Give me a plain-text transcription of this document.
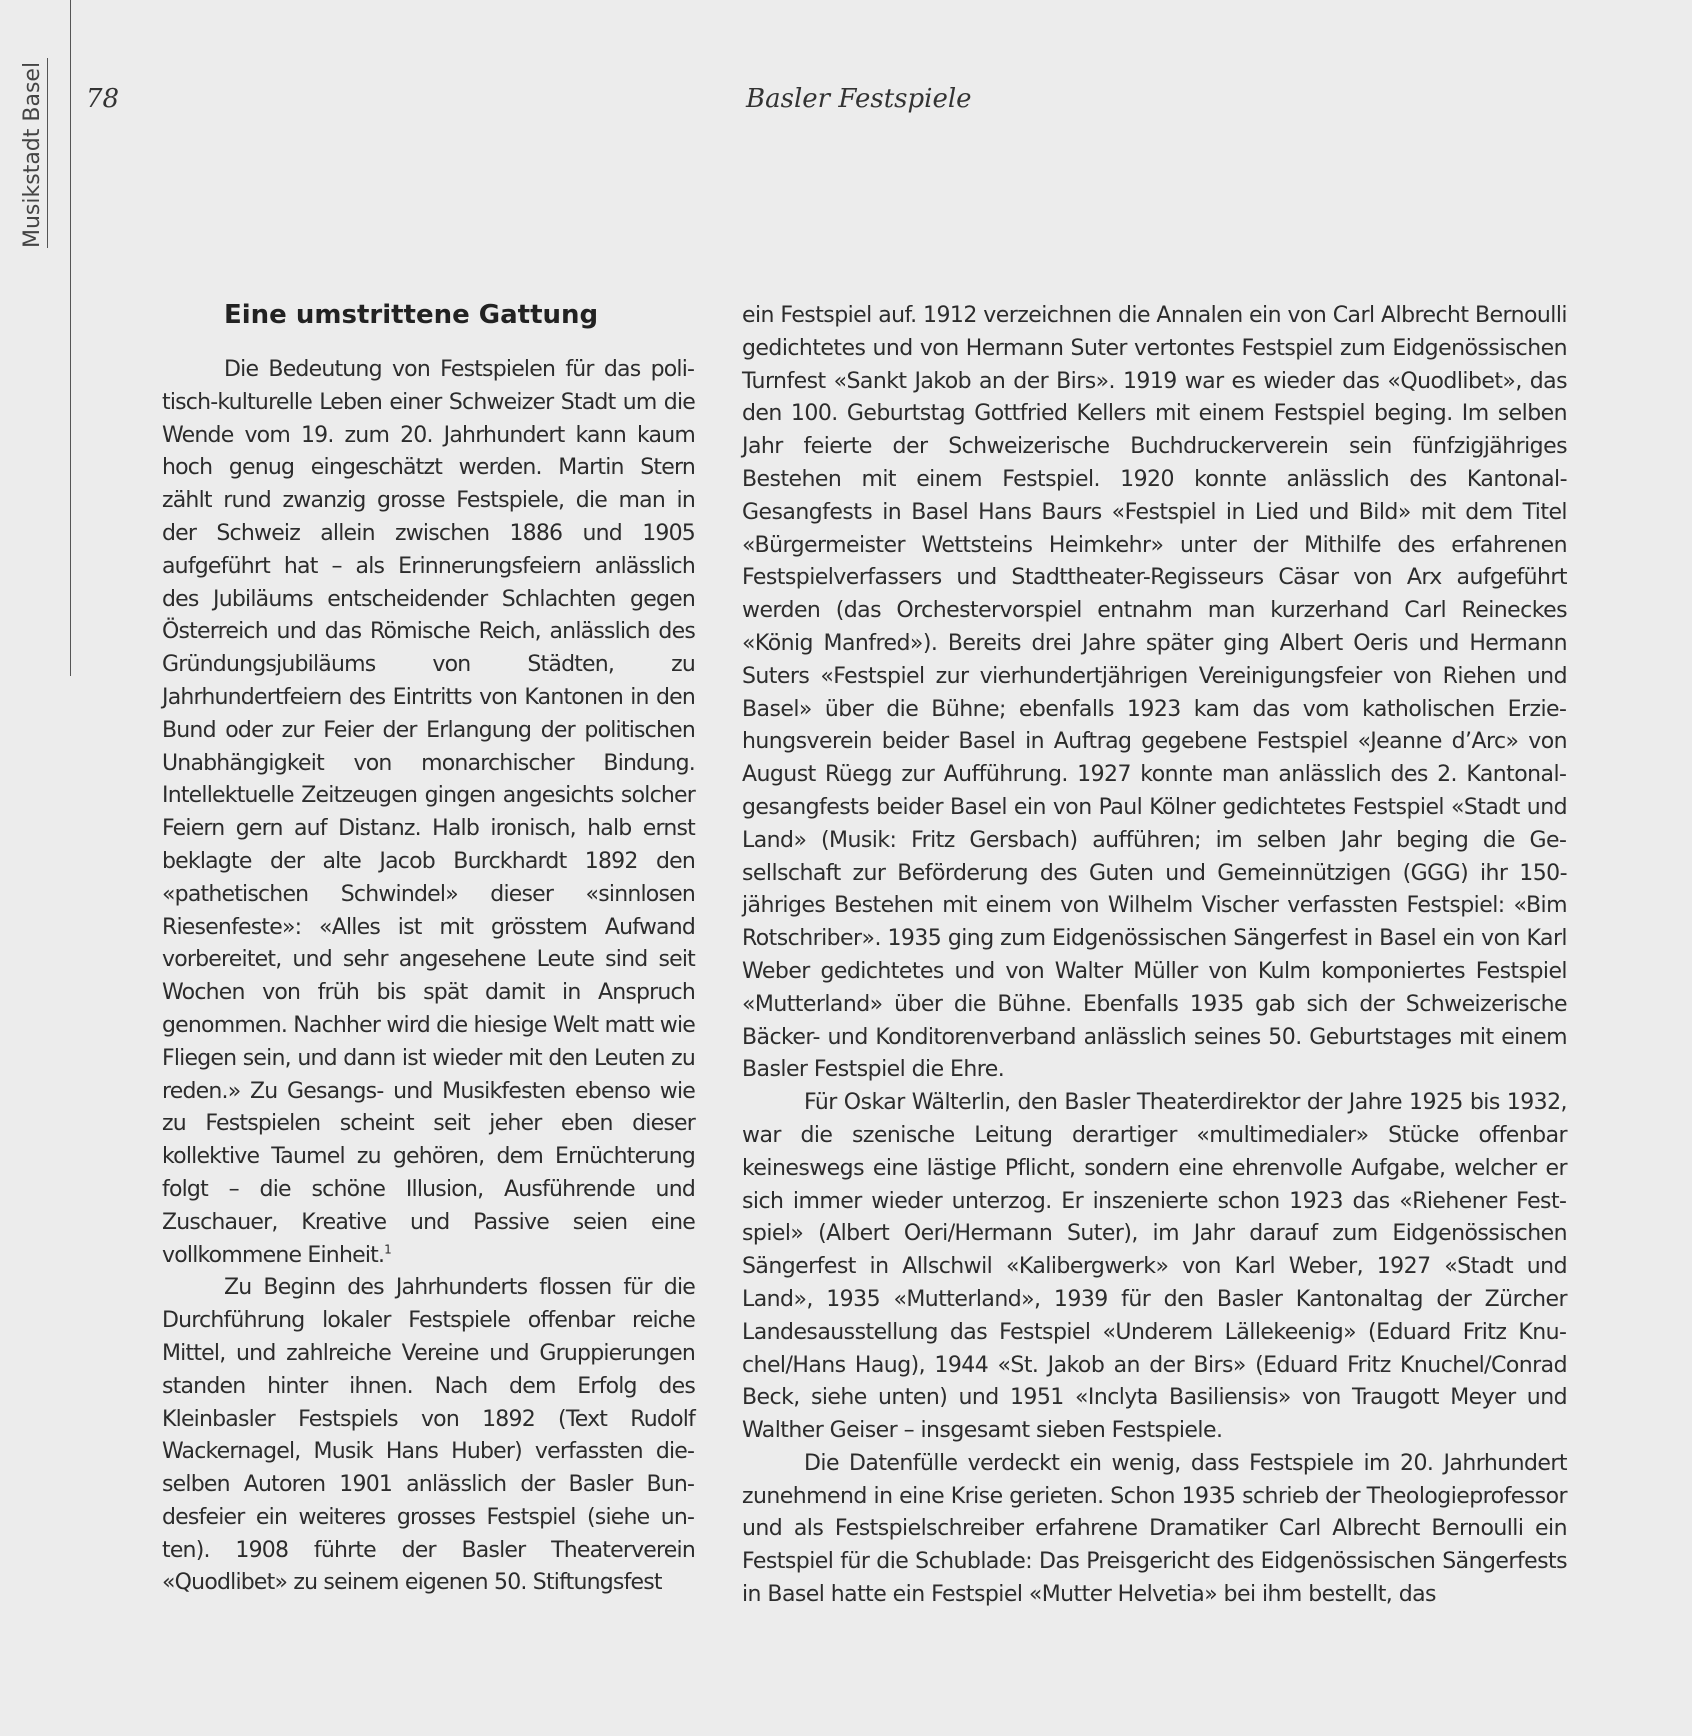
78	Basler Festspiele
Musikstadt Basel
Eine umstrittene Gattung

Die Bedeutung von Festspielen für das politisch-kulturelle Leben einer Schweizer Stadt um die Wende vom 19. zum 20. Jahrhundert kann kaum hoch genug eingeschätzt werden. Martin Stern zählt rund zwanzig grosse Festspiele, die man in der Schweiz allein zwischen 1886 und 1905 aufgeführt hat – als Erinnerungsfeiern anlässlich des Jubiläums entscheidender Schlachten gegen Österreich und das Römische Reich, anlässlich des Gründungsjubiläums von Städten, zu Jahrhundertfeiern des Eintritts von Kantonen in den Bund oder zur Feier der Erlangung der politischen Unabhängigkeit von monarchischer Bindung. Intellektuelle Zeitzeugen gingen angesichts solcher Feiern gern auf Distanz. Halb ironisch, halb ernst beklagte der alte Jacob Burckhardt 1892 den «pathetischen Schwindel» dieser «sinnlosen Riesenfeste»: «Alles ist mit grösstem Aufwand vorbereitet, und sehr angesehene Leute sind seit Wochen von früh bis spät damit in Anspruch genommen. Nachher wird die hiesige Welt matt wie Fliegen sein, und dann ist wieder mit den Leuten zu reden.» Zu Gesangs- und Musikfesten ebenso wie zu Festspielen scheint seit jeher eben dieser kollektive Taumel zu gehören, dem Ernüchterung folgt – die schöne Illusion, Ausführende und Zuschauer, Kreative und Passive seien eine vollkommene Einheit.$^1$

Zu Beginn des Jahrhunderts flossen für die Durchführung lokaler Festspiele offenbar reiche Mittel, und zahlreiche Vereine und Gruppierungen standen hinter ihnen. Nach dem Erfolg des Kleinbasler Festspiels von 1892 (Text Rudolf Wackernagel, Musik Hans Huber) verfassten dieselben Autoren 1901 anlässlich der Basler Bundesfeier ein weiteres grosses Festspiel (siehe unten). 1908 führte der Basler Theaterverein «Quodlibet» zu seinem eigenen 50. Stiftungsfest

ein Festspiel auf. 1912 verzeichnen die Annalen ein von Carl Albrecht Bernoulli gedichtetes und von Hermann Suter vertontes Festspiel zum Eidgenössischen Turnfest «Sankt Jakob an der Birs». 1919 war es wieder das «Quodlibet», das den 100. Geburtstag Gottfried Kellers mit einem Festspiel beging. Im selben Jahr feierte der Schweizerische Buchdruckerverein sein fünfzigjähriges Bestehen mit einem Festspiel. 1920 konnte anlässlich des Kantonal-Gesangfests in Basel Hans Baurs «Festspiel in Lied und Bild» mit dem Titel «Bürgermeister Wettsteins Heimkehr» unter der Mithilfe des erfahrenen Festspielverfassers und Stadttheater-Regisseurs Cäsar von Arx aufgeführt werden (das Orchestervorspiel entnahm man kurzerhand Carl Reineckes «König Manfred»). Bereits drei Jahre später ging Albert Oeris und Hermann Suters «Festspiel zur vierhundertjährigen Vereinigungsfeier von Riehen und Basel» über die Bühne; ebenfalls 1923 kam das vom katholischen Erziehungsverein beider Basel in Auftrag gegebene Festspiel «Jeanne d’Arc» von August Rüegg zur Aufführung. 1927 konnte man anlässlich des 2. Kantonalgesangfests beider Basel ein von Paul Kölner gedichtetes Festspiel «Stadt und Land» (Musik: Fritz Gersbach) aufführen; im selben Jahr beging die Gesellschaft zur Beförderung des Guten und Gemeinnützigen (GGG) ihr 150-jähriges Bestehen mit einem von Wilhelm Vischer verfassten Festspiel: «Bim Rotschriber». 1935 ging zum Eidgenössischen Sängerfest in Basel ein von Karl Weber gedichtetes und von Walter Müller von Kulm komponiertes Festspiel «Mutterland» über die Bühne. Ebenfalls 1935 gab sich der Schweizerische Bäcker- und Konditorenverband anlässlich seines 50. Geburtstages mit einem Basler Festspiel die Ehre.

Für Oskar Wälterlin, den Basler Theaterdirektor der Jahre 1925 bis 1932, war die szenische Leitung derartiger «multimedialer» Stücke offenbar keineswegs eine lästige Pflicht, sondern eine ehrenvolle Aufgabe, welcher er sich immer wieder unterzog. Er inszenierte schon 1923 das «Riehener Festspiel» (Albert Oeri/Hermann Suter), im Jahr darauf zum Eidgenössischen Sängerfest in Allschwil «Kalibergwerk» von Karl Weber, 1927 «Stadt und Land», 1935 «Mutterland», 1939 für den Basler Kantonaltag der Zürcher Landesausstellung das Festspiel «Underem Lällekeenig» (Eduard Fritz Knuchel/Hans Haug), 1944 «St. Jakob an der Birs» (Eduard Fritz Knuchel/Conrad Beck, siehe unten) und 1951 «Inclyta Basiliensis» von Traugott Meyer und Walther Geiser – insgesamt sieben Festspiele.

Die Datenfülle verdeckt ein wenig, dass Festspiele im 20. Jahrhundert zunehmend in eine Krise gerieten. Schon 1935 schrieb der Theologieprofessor und als Festspielschreiber erfahrene Dramatiker Carl Albrecht Bernoulli ein Festspiel für die Schublade: Das Preisgericht des Eidgenössischen Sängerfests in Basel hatte ein Festspiel «Mutter Helvetia» bei ihm bestellt, das
